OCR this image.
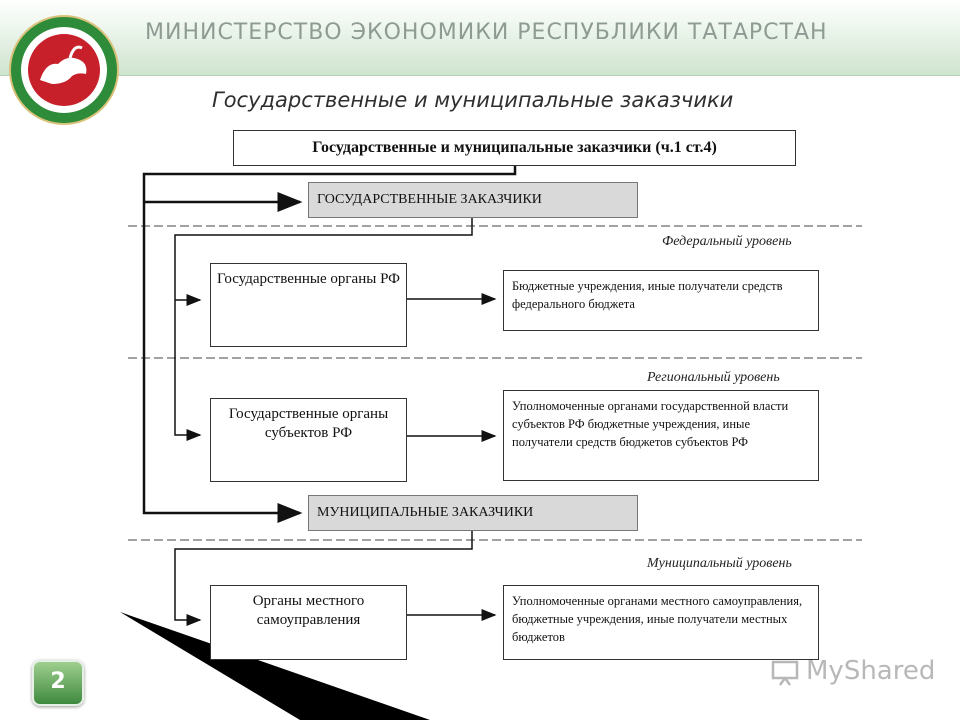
МИНИСТЕРСТВО ЭКОНОМИКИ РЕСПУБЛИКИ ТАТАРСТАН
Государственные и муниципальные заказчики
Государственные и муниципальные заказчики (ч.1 ст.4)
ГОСУДАРСТВЕННЫЕ ЗАКАЗЧИКИ
Федеральный уровень
Государственные органы РФ	Бюджетные учреждения, иные получатели средств федерального бюджета
Региональный уровень
Государственные органы субъектов РФ
Уполномоченные органами государственной власти субъектов РФ бюджетные учреждения, иные получатели средств бюджетов субъектов РФ
МУНИЦИПАЛЬНЫЕ ЗАКАЗЧИКИ
Муниципальный уровень
Органы местного самоуправления
Уполномоченные органами местного самоуправления, бюджетные учреждения, иные получатели местных бюджетов
2	MyShared
